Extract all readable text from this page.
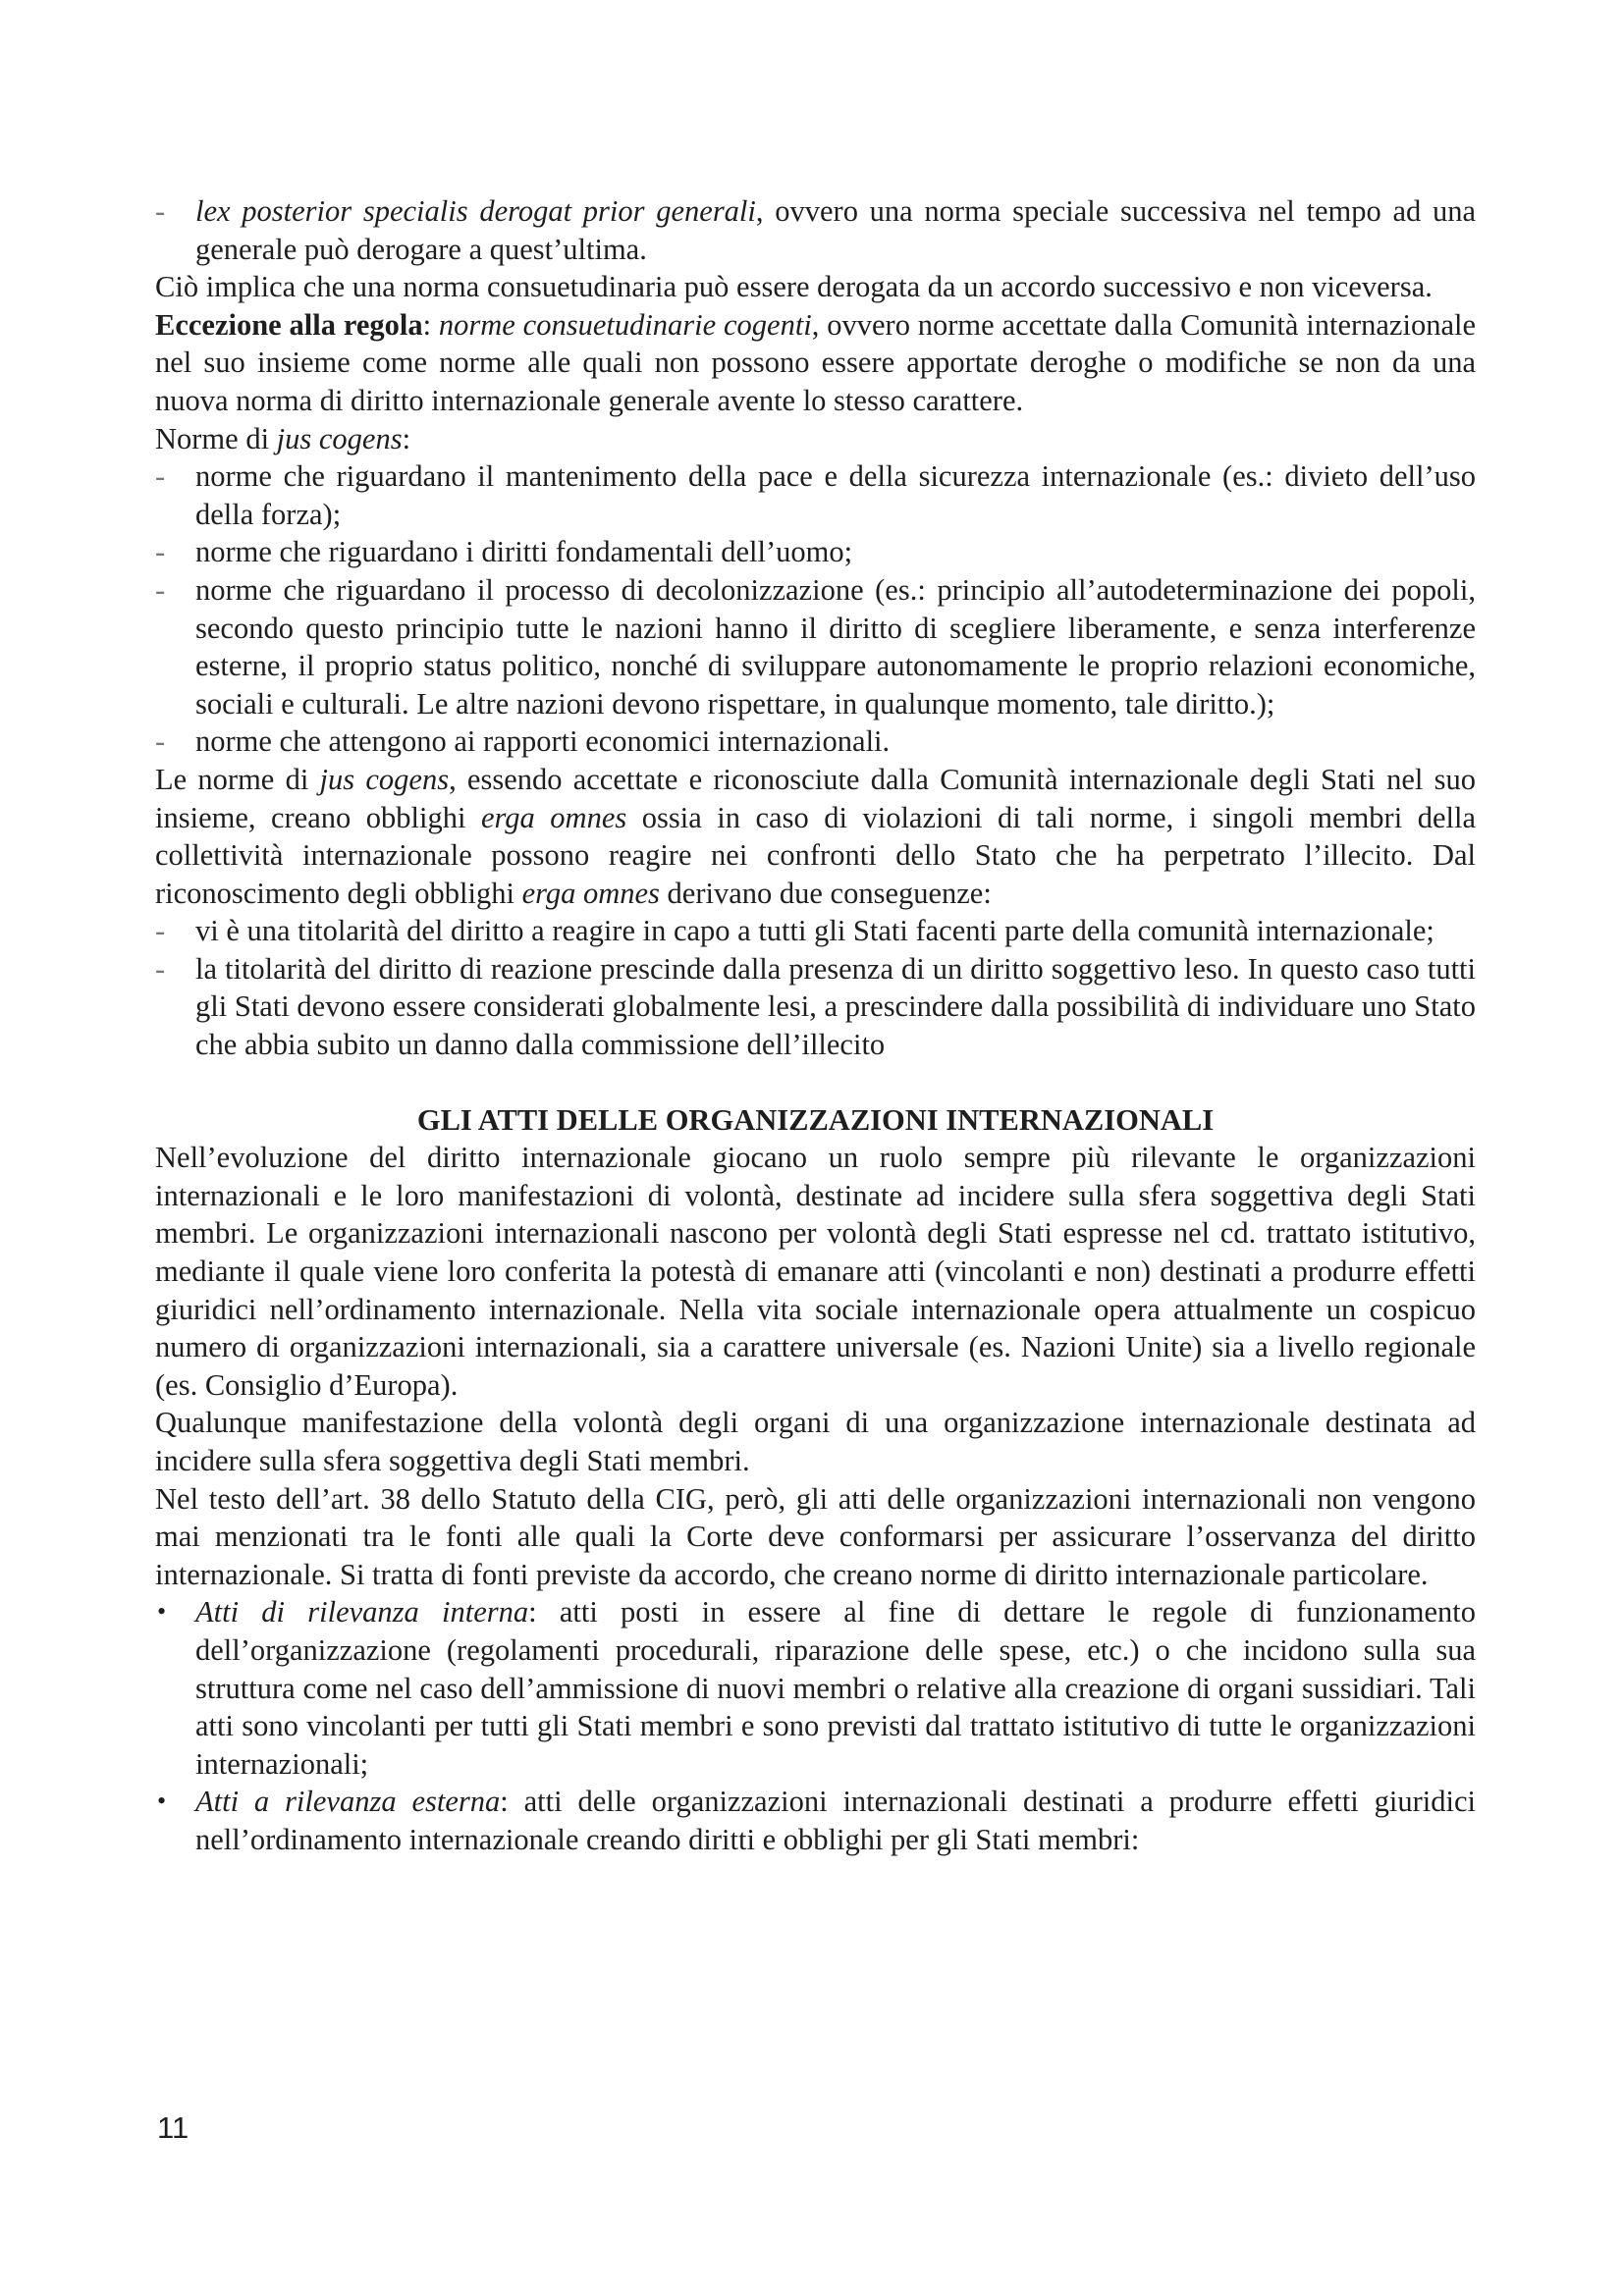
- lex posterior specialis derogat prior generali, ovvero una norma speciale successiva nel tempo ad una generale può derogare a quest’ultima.

Ciò implica che una norma consuetudinaria può essere derogata da un accordo successivo e non viceversa.

Eccezione alla regola: norme consuetudinarie cogenti, ovvero norme accettate dalla Comunità internazionale nel suo insieme come norme alle quali non possono essere apportate deroghe o modifiche se non da una nuova norma di diritto internazionale generale avente lo stesso carattere.

Norme di jus cogens:

- norme che riguardano il mantenimento della pace e della sicurezza internazionale (es.: divieto dell’uso della forza);
- norme che riguardano i diritti fondamentali dell’uomo;
- norme che riguardano il processo di decolonizzazione (es.: principio all’autodeterminazione dei popoli, secondo questo principio tutte le nazioni hanno il diritto di scegliere liberamente, e senza interferenze esterne, il proprio status politico, nonché di sviluppare autonomamente le proprio relazioni economiche, sociali e culturali. Le altre nazioni devono rispettare, in qualunque momento, tale diritto.);
- norme che attengono ai rapporti economici internazionali.

Le norme di jus cogens, essendo accettate e riconosciute dalla Comunità internazionale degli Stati nel suo insieme, creano obblighi erga omnes ossia in caso di violazioni di tali norme, i singoli membri della collettività internazionale possono reagire nei confronti dello Stato che ha perpetrato l’illecito. Dal riconoscimento degli obblighi erga omnes derivano due conseguenze:

- vi è una titolarità del diritto a reagire in capo a tutti gli Stati facenti parte della comunità internazionale;
- la titolarità del diritto di reazione prescinde dalla presenza di un diritto soggettivo leso. In questo caso tutti gli Stati devono essere considerati globalmente lesi, a prescindere dalla possibilità di individuare uno Stato che abbia subito un danno dalla commissione dell’illecito

GLI ATTI DELLE ORGANIZZAZIONI INTERNAZIONALI

Nell’evoluzione del diritto internazionale giocano un ruolo sempre più rilevante le organizzazioni internazionali e le loro manifestazioni di volontà, destinate ad incidere sulla sfera soggettiva degli Stati membri. Le organizzazioni internazionali nascono per volontà degli Stati espresse nel cd. trattato istitutivo, mediante il quale viene loro conferita la potestà di emanare atti (vincolanti e non) destinati a produrre effetti giuridici nell’ordinamento internazionale. Nella vita sociale internazionale opera attualmente un cospicuo numero di organizzazioni internazionali, sia a carattere universale (es. Nazioni Unite) sia a livello regionale (es. Consiglio d’Europa).

Qualunque manifestazione della volontà degli organi di una organizzazione internazionale destinata ad incidere sulla sfera soggettiva degli Stati membri.

Nel testo dell’art. 38 dello Statuto della CIG, però, gli atti delle organizzazioni internazionali non vengono mai menzionati tra le fonti alle quali la Corte deve conformarsi per assicurare l’osservanza del diritto internazionale. Si tratta di fonti previste da accordo, che creano norme di diritto internazionale particolare.

• Atti di rilevanza interna: atti posti in essere al fine di dettare le regole di funzionamento dell’organizzazione (regolamenti procedurali, riparazione delle spese, etc.) o che incidono sulla sua struttura come nel caso dell’ammissione di nuovi membri o relative alla creazione di organi sussidiari. Tali atti sono vincolanti per tutti gli Stati membri e sono previsti dal trattato istitutivo di tutte le organizzazioni internazionali;
• Atti a rilevanza esterna: atti delle organizzazioni internazionali destinati a produrre effetti giuridici nell’ordinamento internazionale creando diritti e obblighi per gli Stati membri:
11
